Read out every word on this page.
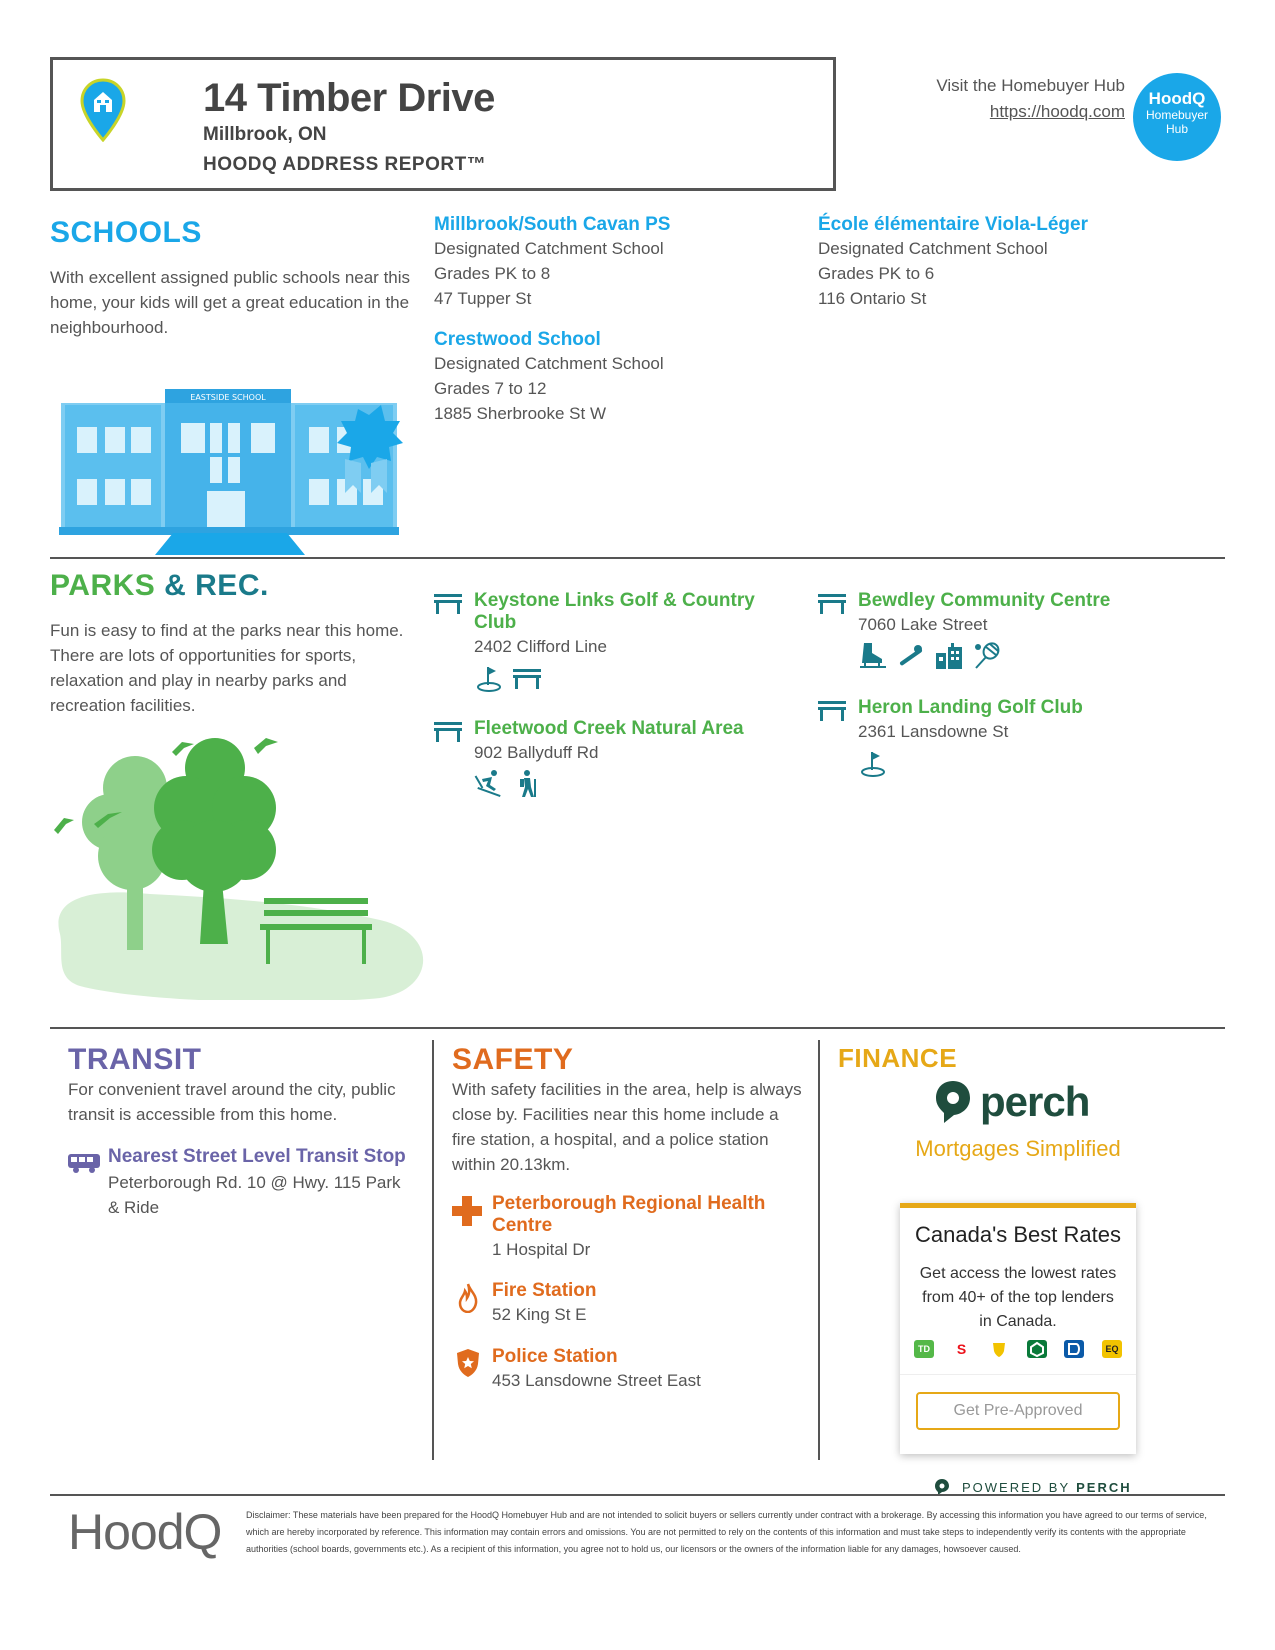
14 Timber Drive
Millbrook, ON
HOODQ ADDRESS REPORT™
Visit the Homebuyer Hub
https://hoodq.com
HoodQ
Homebuyer
Hub
SCHOOLS
With excellent assigned public schools near this home, your kids will get a great education in the neighbourhood.
EASTSIDE SCHOOL
Millbrook/South Cavan PS
Designated Catchment School
Grades PK to 8
47 Tupper St
Crestwood School
Designated Catchment School
Grades 7 to 12
1885 Sherbrooke St W
École élémentaire Viola-Léger
Designated Catchment School
Grades PK to 6
116 Ontario St
PARKS & REC.
Fun is easy to find at the parks near this home. There are lots of opportunities for sports, relaxation and play in nearby parks and recreation facilities.
Keystone Links Golf & Country Club
2402 Clifford Line
Fleetwood Creek Natural Area
902 Ballyduff Rd
Bewdley Community Centre
7060 Lake Street
Heron Landing Golf Club
2361 Lansdowne St
TRANSIT
For convenient travel around the city, public transit is accessible from this home.
Nearest Street Level Transit Stop
Peterborough Rd. 10 @ Hwy. 115 Park & Ride
SAFETY
With safety facilities in the area, help is always close by. Facilities near this home include a fire station, a hospital, and a police station within 20.13km.
Peterborough Regional Health Centre
1 Hospital Dr
Fire Station
52 King St E
Police Station
453 Lansdowne Street East
FINANCE
perch
Mortgages Simplified
Canada's Best Rates
Get access the lowest rates from 40+ of the top lenders in Canada.
TD	S	EQ
Get Pre-Approved
POWERED BY PERCH
HoodQ	Disclaimer: These materials have been prepared for the HoodQ Homebuyer Hub and are not intended to solicit buyers or sellers currently under contract with a brokerage. By accessing this information you have agreed to our terms of service, which are hereby incorporated by reference. This information may contain errors and omissions. You are not permitted to rely on the contents of this information and must take steps to independently verify its contents with the appropriate authorities (school boards, governments etc.). As a recipient of this information, you agree not to hold us, our licensors or the owners of the information liable for any damages, howsoever caused.
